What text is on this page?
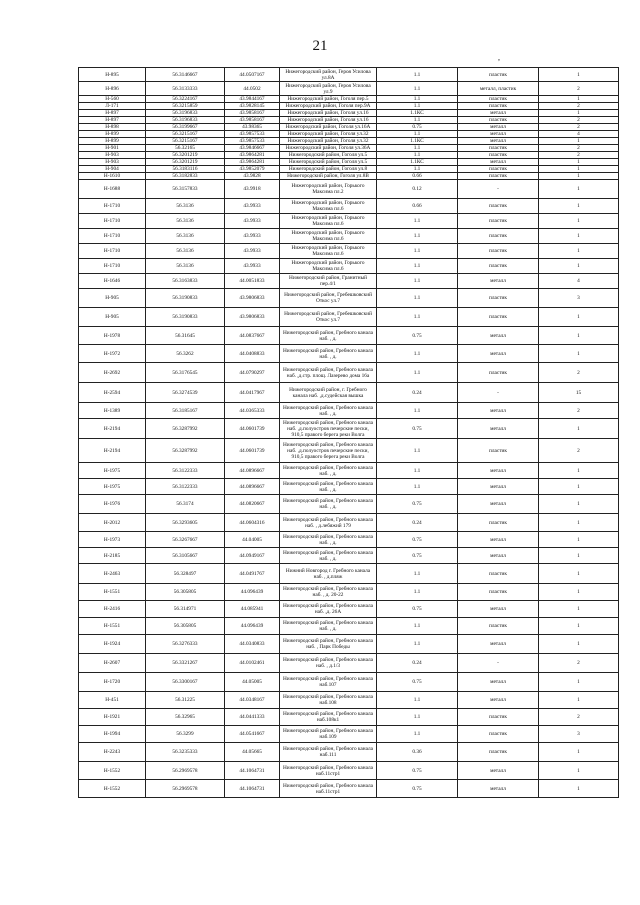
21
,
Н-895	56.3146667	44.0507167	Нижегородский район, Героя Усилова ул.8А	1.1	пластик	1
Н-896	56.3133333	44.0502	Нижегородский район, Героя Усилова ул.9	1.1	металл, пластик	2
Н-560	56.3224167	43.9844167	Нижегородский район, Гоголя пер.5	1.1	пластик	1
Л-171	56.3215859	43.9828145	Нижегородский район, Гоголя пер.9А	1.1	пластик	2
Н-897	56.3196833	43.9858167	Нижегородский район, Гоголя ул.16	1.1КС	металл	1
Н-897	56.3196833	43.9858167	Нижегородский район, Гоголя ул.16	1.1	пластик	2
Н-898	56.3199667	43.98365	Нижегородский район, Гоголя ул.16А	0.75	металл	2
Н-899	56.3215167	43.9857533	Нижегородский район, Гоголя ул.32	1.1	металл	4
Н-899	56.3215167	43.9857533	Нижегородский район, Гоголя ул.32	1.1КС	металл	1
Н-901	56.32165	43.9846667	Нижегородский район, Гоголя ул.36А	1.1	пластик	2
Н-903	56.3201219	43.9864281	Нижегородский район, Гоголя ул.5	1.1	пластик	2
Н-903	56.3201219	43.9864281	Нижегородский район, Гоголя ул.5	1.1КС	металл	1
Н-904	56.3183116	43.9852079	Нижегородский район, Гоголя ул.8	1.1	пластик	1
Н-1610	56.3182833	43.9828	Нижегородский район, Гоголя ул.8В	0.66	пластик	1
Н-1688	56.3157833	43.9918	Нижегородский район, Горького Максима пл.2	0.12	-	1
Н-1710	56.3136	43.9933	Нижегородский район, Горького Максима пл.6	0.66	пластик	1
Н-1710	56.3136	43.9933	Нижегородский район, Горького Максима пл.6	1.1	пластик	1
Н-1710	56.3136	43.9933	Нижегородский район, Горького Максима пл.6	1.1	пластик	1
Н-1710	56.3136	43.9933	Нижегородский район, Горького Максима пл.6	1.1	пластик	1
Н-1710	56.3136	43.9933	Нижегородский район, Горького Максима пл.6	1.1	пластик	1
Н-1646	56.3163833	44.0051833	Нижегородский район, Гранитный пер.4/1	1.1	металл	4
Н-905	56.3190833	43.9806833	Нижегородский район, Гребешковский Откос ул.7	1.1	пластик	3
Н-905	56.3190833	43.9806833	Нижегородский район, Гребешковский Откос ул.7	1.1	пластик	1
Н-1978	56.31645	44.0837667	Нижегородский район, Гребного канала наб. , д.	0.75	металл	1
Н-1972	56.3262	44.0408833	Нижегородский район, Гребного канала наб. , д.	1.1	металл	1
Н-2692	56.3176545	44.0790297	Нижегородский район, Гребного канала наб. ,д.стр. площ. Лазерево дома 16а	1.1	пластик	2
Н-2594	56.3274539	44.0417967	Нижегородский район, г. Гребного канала наб. ,д.судейская вышка	0.24	-	15
Н-1389	56.3185167	44.0365333	Нижегородский район, Гребного канала наб. , д.	1.1	металл	2
Н-2194	56.3287992	44.0601739	Нижегородский район, Гребного канала наб. ,д.полуостров печерские пески, 910,5 правого берега реки Волга	0.75	металл	1
Н-2194	56.3287992	44.0601739	Нижегородский район, Гребного канала наб. ,д.полуостров печерские пески, 910,5 правого берега реки Волга	1.1	пластик	2
Н-1975	56.3122333	44.0896667	Нижегородский район, Гребного канала наб. , д.	1.1	металл	1
Н-1975	56.3122333	44.0896667	Нижегородский район, Гребного канала наб. , д.	1.1	металл	1
Н-1976	56.3174	44.0820667	Нижегородский район, Гребного канала наб. , д.	0.75	металл	1
Н-2012	56.3293605	44.0604316	Нижегородский район, Гребного канала наб. , д.лебяжий 179	0.24	пластик	1
Н-1973	56.3267667	44.04005	Нижегородский район, Гребного канала наб. , д.	0.75	металл	1
Н-2185	56.3105667	44.0949167	Нижегородский район, Гребного канала наб. , д.	0.75	металл	1
Н-2463	56.328497	44.0491767	Нижний Новгород г. Гребного канала наб. , д.пляж	1.1	пластик	1
Н-1551	56.305805	44.096439	Нижегородский район, Гребного канала наб. , д. 20-22	1.1	пластик	1
Н-2416	56.314971	44.085941	Нижегородский район, Гребного канала наб. ,д. 26А	0.75	металл	1
Н-1551	56.305805	44.096439	Нижегородский район, Гребного канала наб. , д.	1.1	пластик	1
Н-1924	56.3276333	44.0340833	Нижегородский район, Гребного канала наб. , Парк Победы	1.1	металл	1
Н-2607	56.3321267	44.0102461	Нижегородский район, Гребного канала наб. , д.1/3	0.24	-	2
Н-1720	56.3300167	44.05005	Нижегородский район, Гребного канала наб.107	0.75	металл	1
Н-451	56.31225	44.0348167	Нижегородский район, Гребного канала наб.108	1.1	металл	1
Н-1921	56.32965	44.0441333	Нижегородский район, Гребного канала наб.108к1	1.1	пластик	2
Н-1994	56.3299	44.0541667	Нижегородский район, Гребного канала наб.109	1.1	пластик	3
Н-2243	56.3235333	44.05665	Нижегородский район, Гребного канала наб.111	0.36	пластик	1
Н-1552	56.2969578	44.1064731	Нижегородский район, Гребного канала наб.11стр1	0.75	металл	1
Н-1552	56.2969578	44.1064731	Нижегородский район, Гребного канала наб.11стр1	0.75	металл	1
